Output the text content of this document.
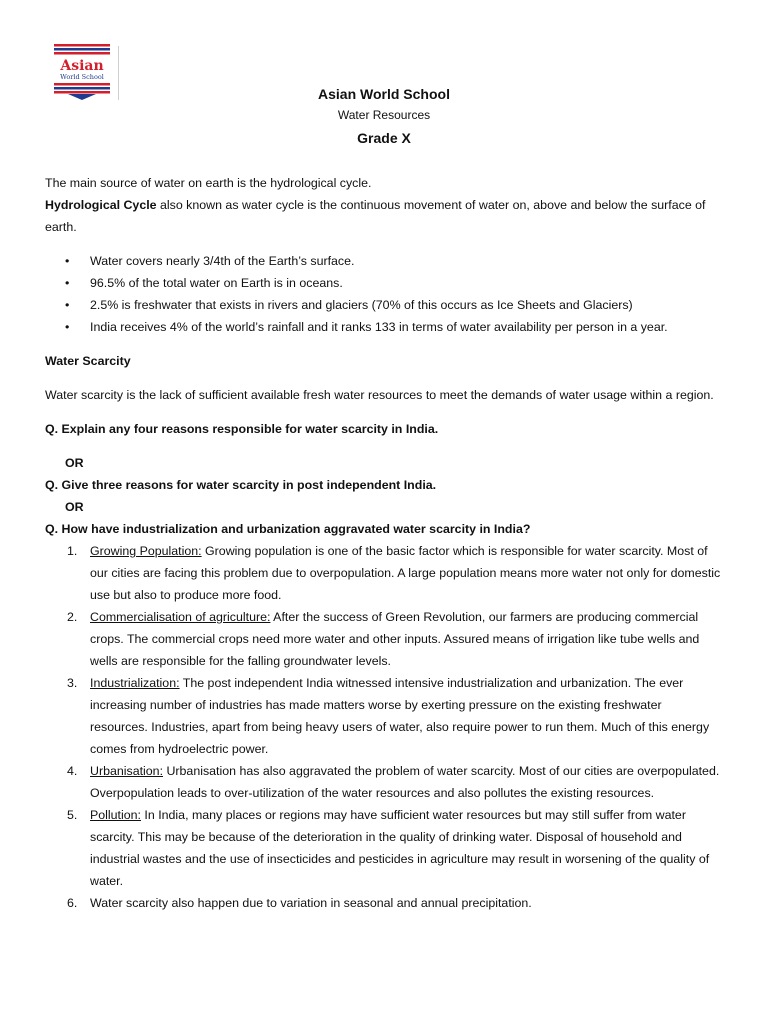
Asian
World School
Asian World School
Water Resources
Grade X

The main source of water on earth is the hydrological cycle.

Hydrological Cycle also known as water cycle is the continuous movement of water on, above and below the surface of earth.

• Water covers nearly 3/4th of the Earth’s surface.
• 96.5% of the total water on Earth is in oceans.
• 2.5% is freshwater that exists in rivers and glaciers (70% of this occurs as Ice Sheets and Glaciers)
• India receives 4% of the world’s rainfall and it ranks 133 in terms of water availability per person in a year.

Water Scarcity

Water scarcity is the lack of sufficient available fresh water resources to meet the demands of water usage within a region.

Q. Explain any four reasons responsible for water scarcity in India.

OR

Q. Give three reasons for water scarcity in post independent India.

OR

Q. How have industrialization and urbanization aggravated water scarcity in India?

1. Growing Population: Growing population is one of the basic factor which is responsible for water scarcity. Most of our cities are facing this problem due to overpopulation. A large population means more water not only for domestic use but also to produce more food.
2. Commercialisation of agriculture: After the success of Green Revolution, our farmers are producing commercial crops. The commercial crops need more water and other inputs. Assured means of irrigation like tube wells and wells are responsible for the falling groundwater levels.
3. Industrialization: The post independent India witnessed intensive industrialization and urbanization. The ever increasing number of industries has made matters worse by exerting pressure on the existing freshwater resources. Industries, apart from being heavy users of water, also require power to run them. Much of this energy comes from hydroelectric power.
4. Urbanisation: Urbanisation has also aggravated the problem of water scarcity. Most of our cities are overpopulated. Overpopulation leads to over-utilization of the water resources and also pollutes the existing resources.
5. Pollution: In India, many places or regions may have sufficient water resources but may still suffer from water scarcity. This may be because of the deterioration in the quality of drinking water. Disposal of household and industrial wastes and the use of insecticides and pesticides in agriculture may result in worsening of the quality of water.
6. Water scarcity also happen due to variation in seasonal and annual precipitation.
